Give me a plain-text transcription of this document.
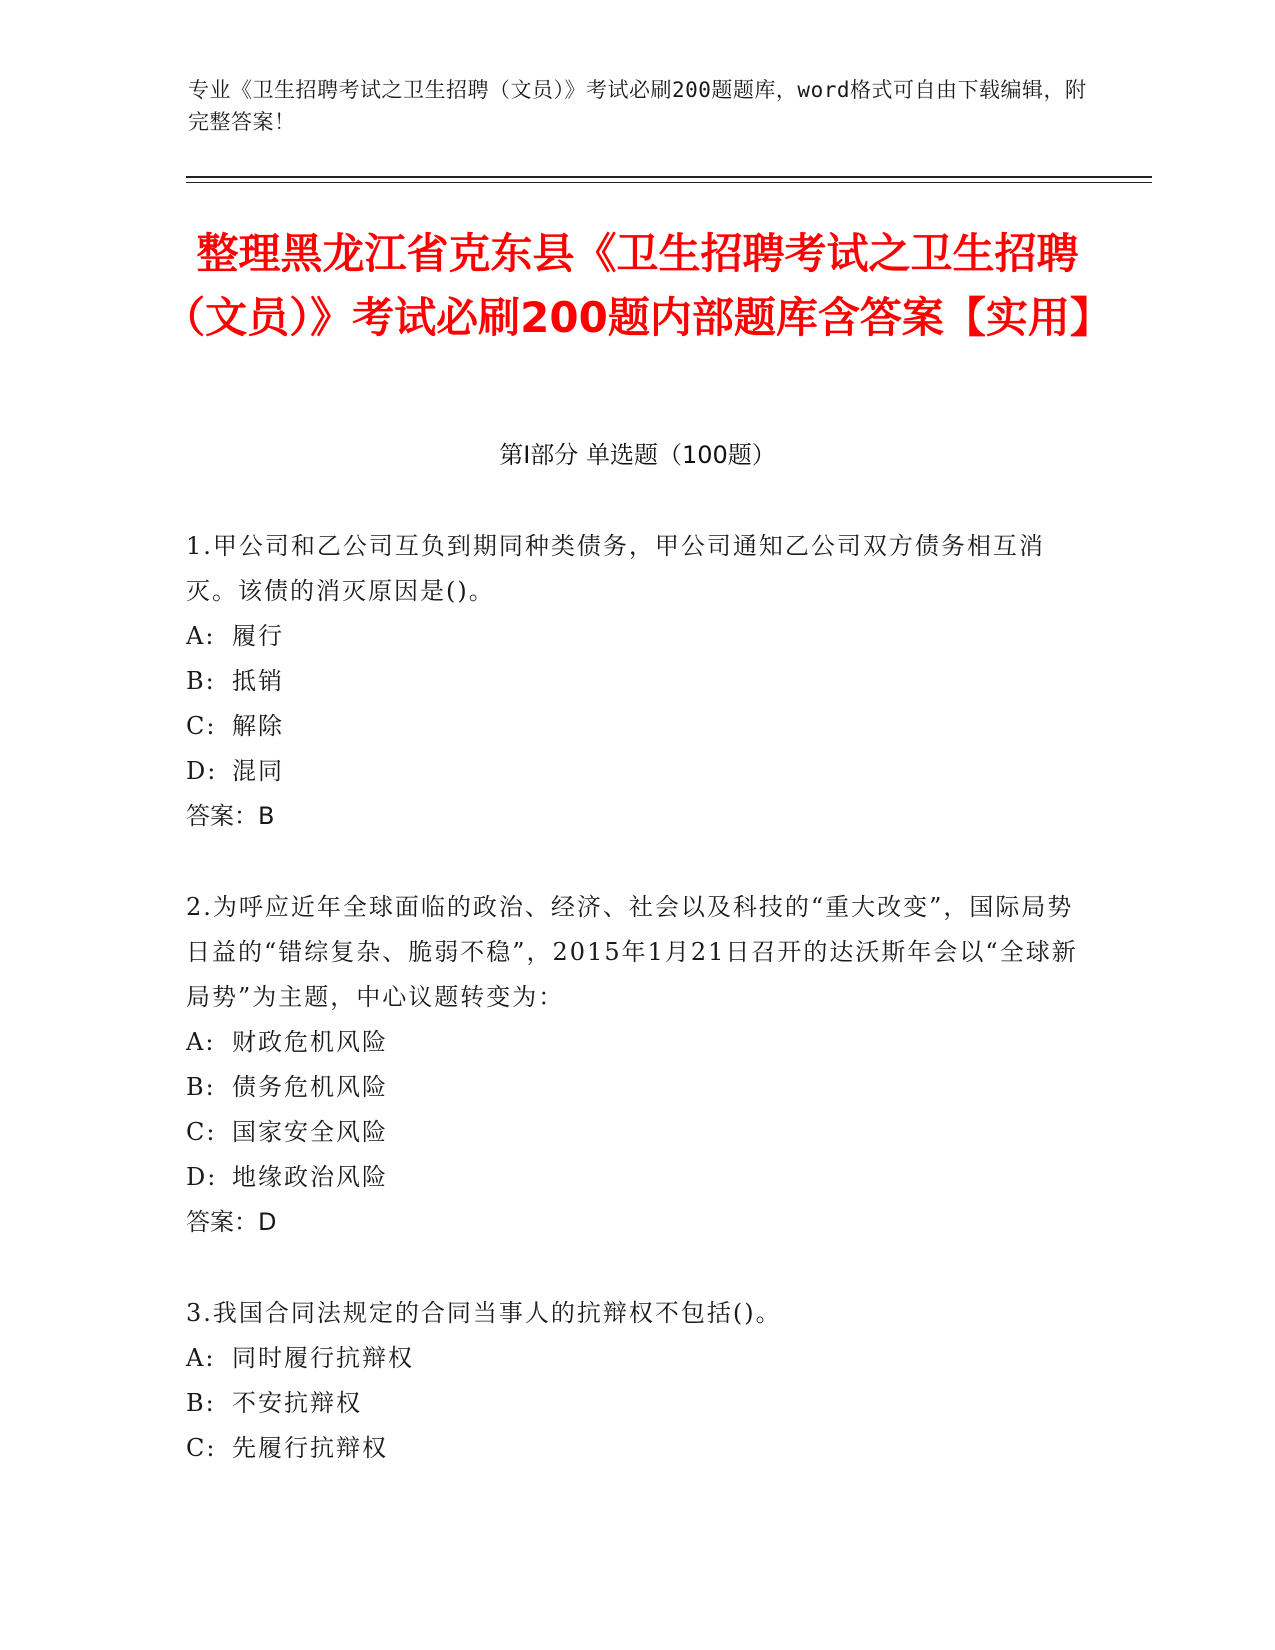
专业《卫生招聘考试之卫生招聘（文员）》考试必刷200题题库，word格式可自由下载编辑，附完整答案！
整理黑龙江省克东县《卫生招聘考试之卫生招聘（文员）》考试必刷200题内部题库含答案【实用】
第Ⅰ部分 单选题（100题）
1.甲公司和乙公司互负到期同种类债务，甲公司通知乙公司双方债务相互消灭。该债的消灭原因是()。
A: 履行
B: 抵销
C: 解除
D: 混同
答案：B
2.为呼应近年全球面临的政治、经济、社会以及科技的“重大改变”，国际局势日益的“错综复杂、脆弱不稳”，2015年1月21日召开的达沃斯年会以“全球新局势”为主题，中心议题转变为：
A: 财政危机风险
B: 债务危机风险
C: 国家安全风险
D: 地缘政治风险
答案：D
3.我国合同法规定的合同当事人的抗辩权不包括()。
A: 同时履行抗辩权
B: 不安抗辩权
C: 先履行抗辩权
